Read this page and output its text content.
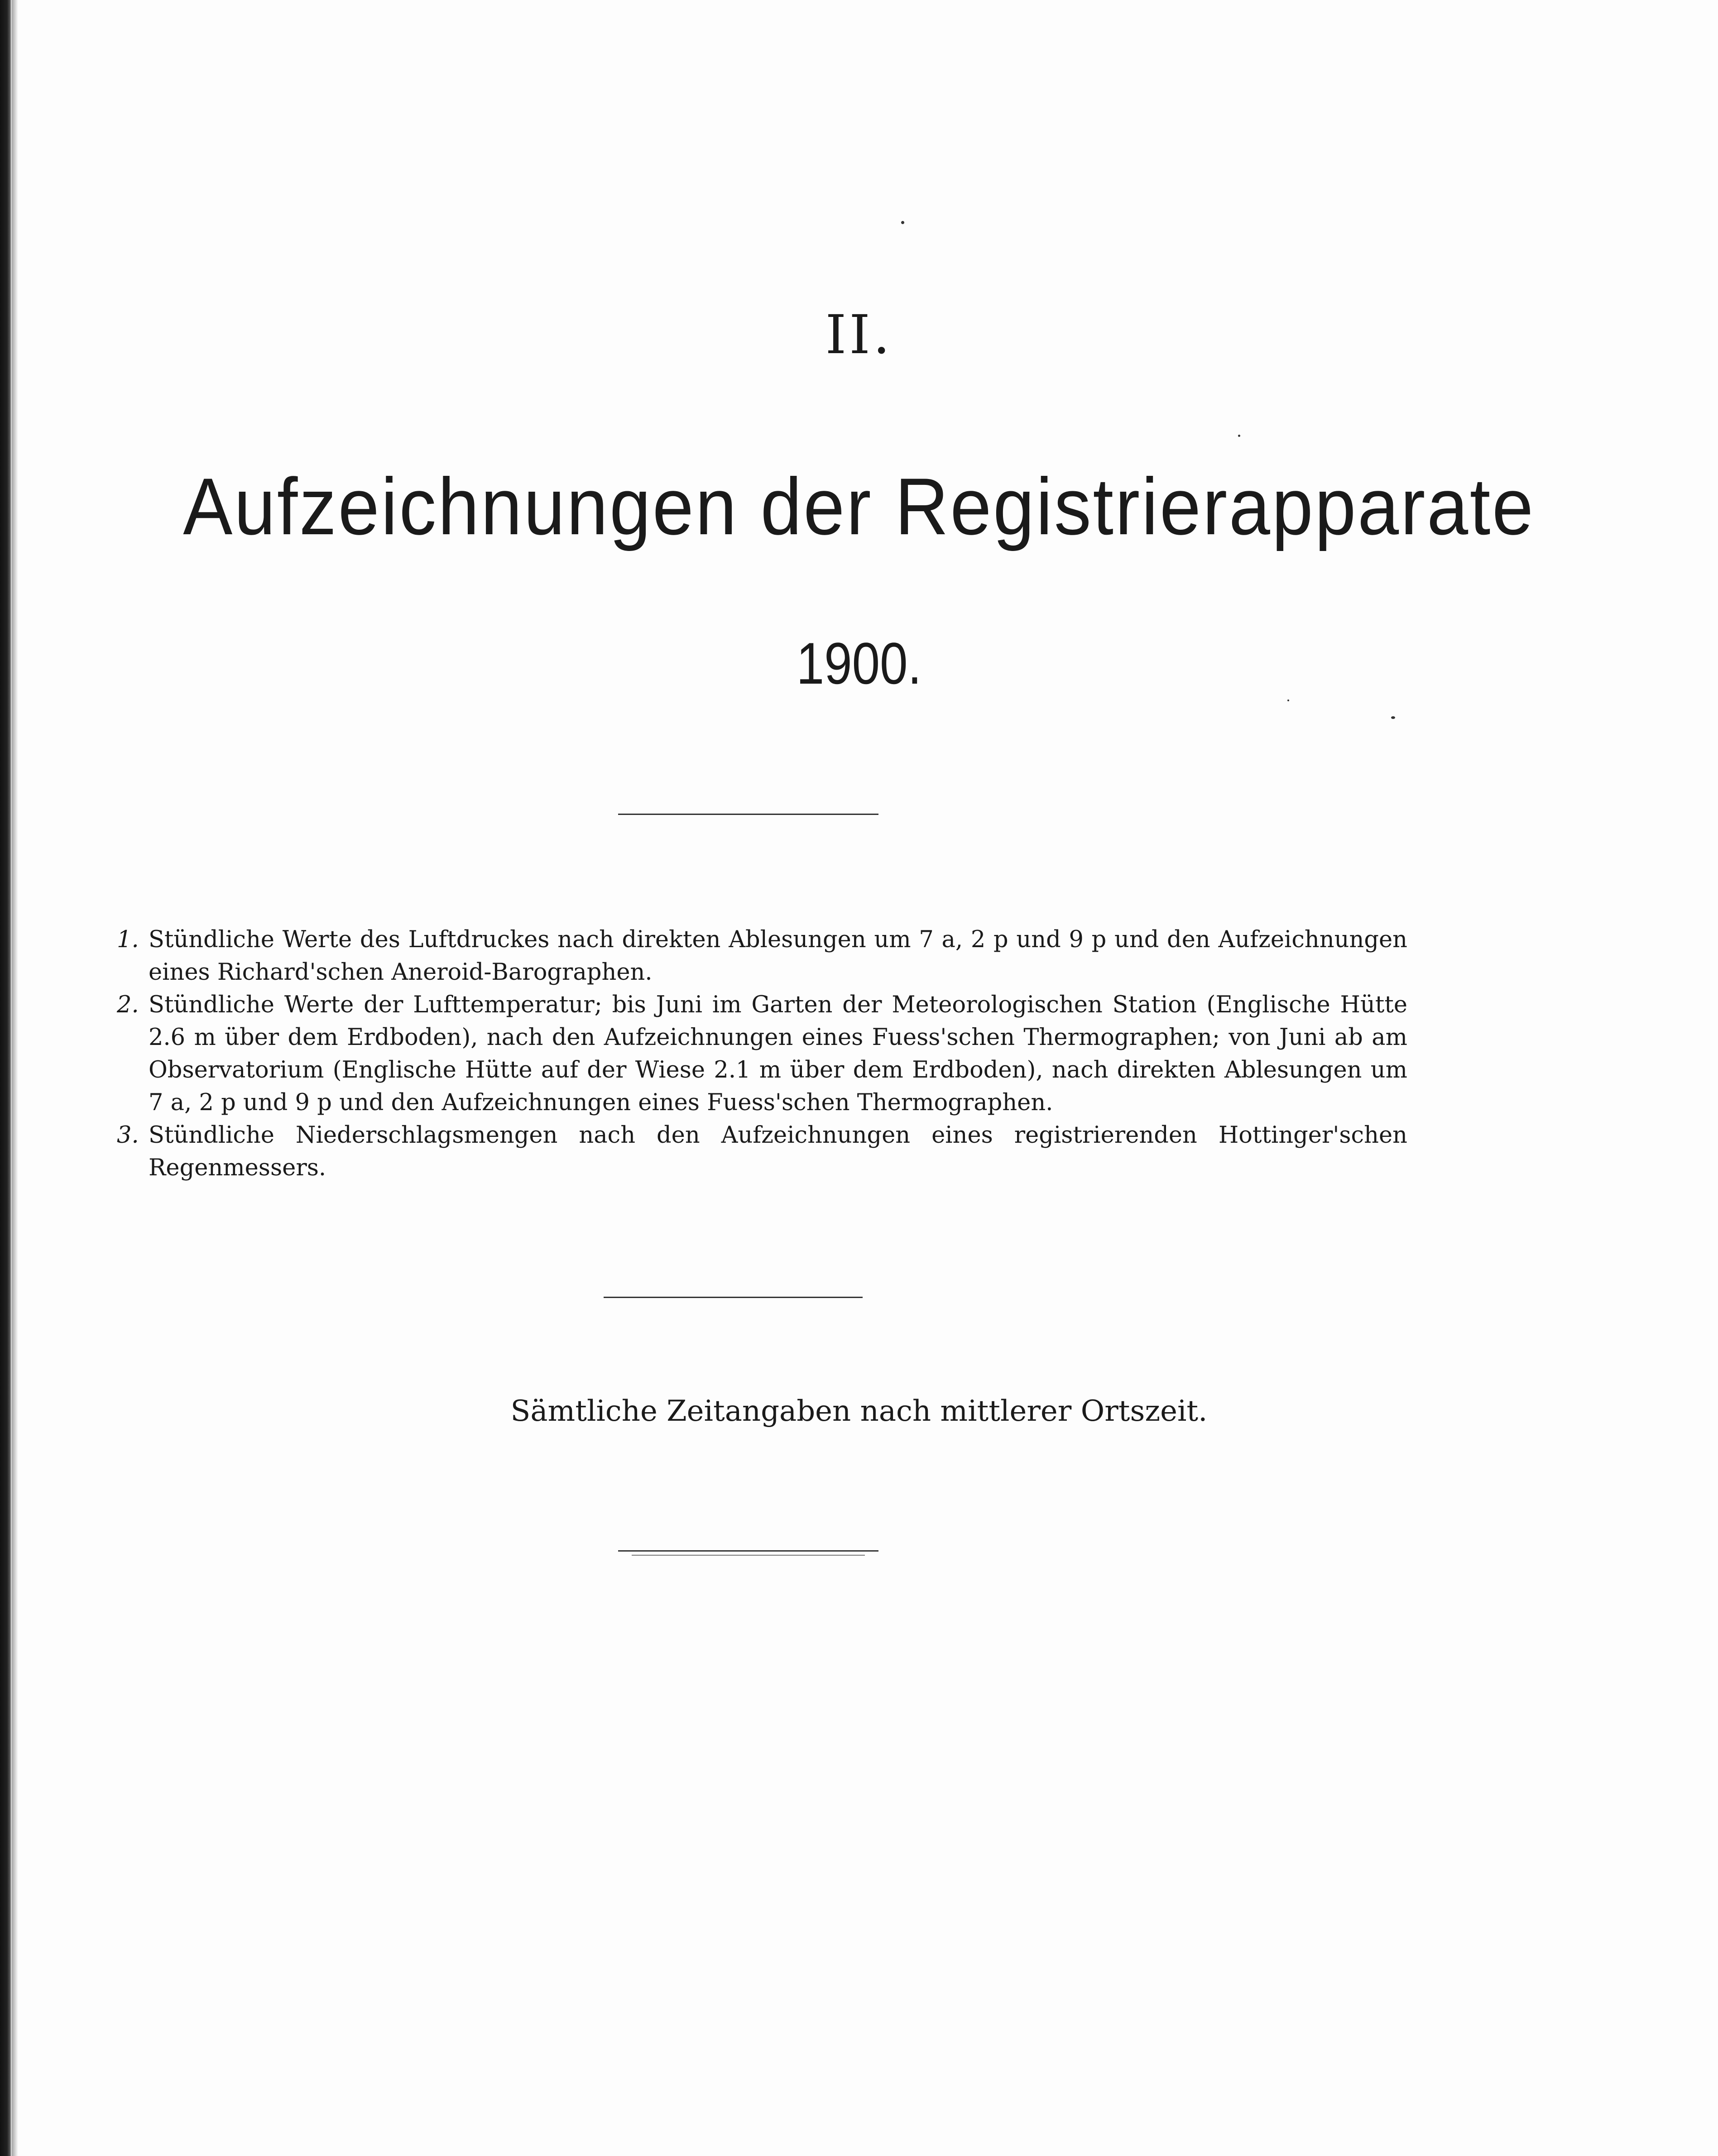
II.
Aufzeichnungen der Registrierapparate
1900.
1. Stündliche Werte des Luftdruckes nach direkten Ablesungen um 7 a, 2 p und 9 p und den Aufzeichnungen eines Richard'schen Aneroid-Barographen.
2. Stündliche Werte der Lufttemperatur; bis Juni im Garten der Meteorologischen Station (Englische Hütte 2.6 m über dem Erdboden), nach den Aufzeichnungen eines Fuess'schen Thermographen; von Juni ab am Observatorium (Englische Hütte auf der Wiese 2.1 m über dem Erdboden), nach direkten Ablesungen um 7 a, 2 p und 9 p und den Aufzeichnungen eines Fuess'schen Thermographen.
3. Stündliche Niederschlagsmengen nach den Aufzeichnungen eines registrierenden Hottinger'schen Regenmessers.
Sämtliche Zeitangaben nach mittlerer Ortszeit.
